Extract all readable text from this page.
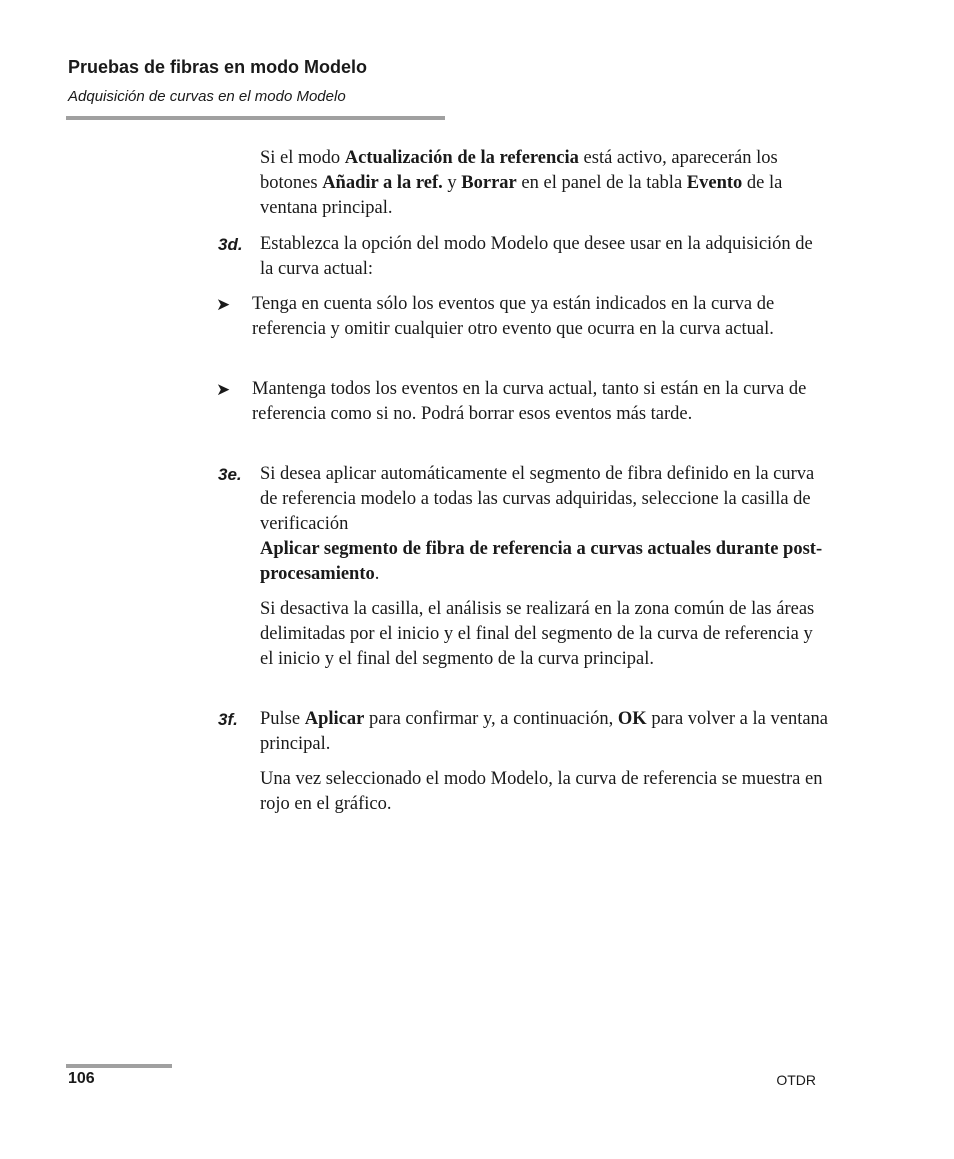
Pruebas de fibras en modo Modelo
Adquisición de curvas en el modo Modelo

Si el modo Actualización de la referencia está activo, aparecerán los botones Añadir a la ref. y Borrar en el panel de la tabla Evento de la ventana principal.

3d. Establezca la opción del modo Modelo que desee usar en la adquisición de la curva actual:

➤ Tenga en cuenta sólo los eventos que ya están indicados en la curva de referencia y omitir cualquier otro evento que ocurra en la curva actual.

➤ Mantenga todos los eventos en la curva actual, tanto si están en la curva de referencia como si no. Podrá borrar esos eventos más tarde.

3e. Si desea aplicar automáticamente el segmento de fibra definido en la curva de referencia modelo a todas las curvas adquiridas, seleccione la casilla de verificación
Aplicar segmento de fibra de referencia a curvas actuales durante post-procesamiento.

Si desactiva la casilla, el análisis se realizará en la zona común de las áreas delimitadas por el inicio y el final del segmento de la curva de referencia y el inicio y el final del segmento de la curva principal.

3f. Pulse Aplicar para confirmar y, a continuación, OK para volver a la ventana principal.

Una vez seleccionado el modo Modelo, la curva de referencia se muestra en rojo en el gráfico.

106	OTDR
